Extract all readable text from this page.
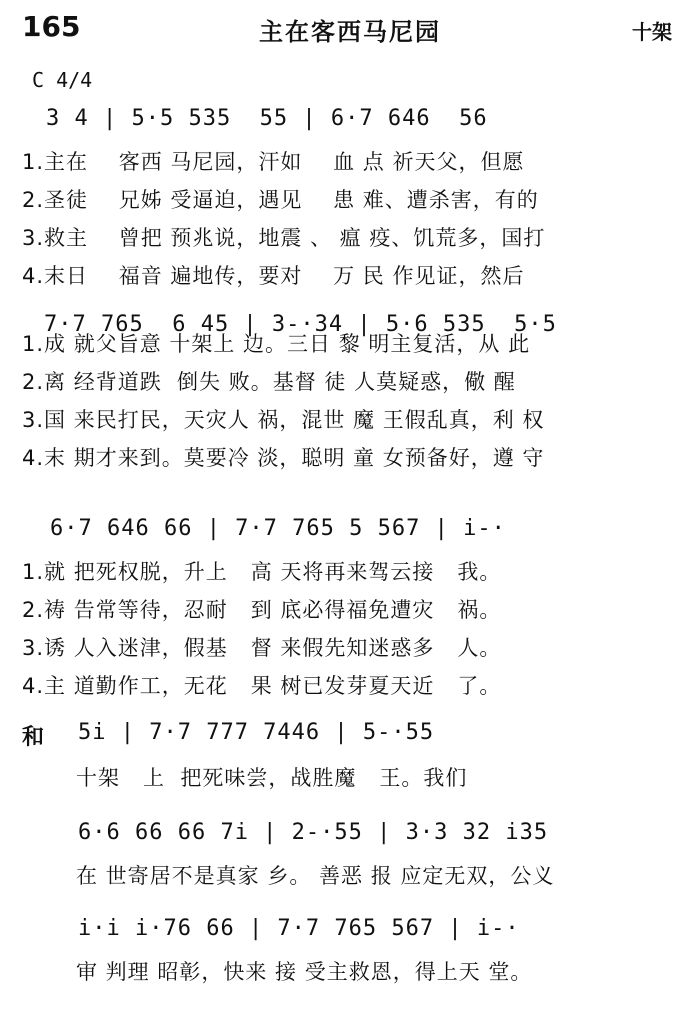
165	主在客西马尼园	十架
C 4/4
3 4 | 5·5 535  55 | 6·7 646  56

1.主在    客西 马尼园，汗如    血 点 祈天父，但愿

2.圣徒    兄姊 受逼迫，遇见    患 难、遭杀害，有的

3.救主    曾把 预兆说，地震 、 瘟 疫、饥荒多，国打

4.末日    福音 遍地传，要对    万 民 作见证，然后

7·7 765  6 45 | 3-·34 | 5·6 535  5·5

1.成 就父旨意 十架上 边。三日 黎 明主复活，从 此

2.离 经背道跌  倒失 败。基督 徒 人莫疑惑，儆 醒

3.国 来民打民，天灾人 祸，混世 魔 王假乱真，利 权

4.末 期才来到。莫要冷 淡，聪明 童 女预备好，遵 守

6·7 646 66 | 7·7 765 5 567 | i-·

1.就 把死权脱，升上   高 天将再来驾云接   我。

2.祷 告常等待，忍耐   到 底必得福免遭灾   祸。

3.诱 人入迷津，假基   督 来假先知迷惑多   人。

4.主 道勤作工，无花   果 树已发芽夏天近   了。

和 5i | 7·7 777 7446 | 5-·55

十架   上  把死味尝，战胜魔   王。我们

6·6 66 66 7i | 2-·55 | 3·3 32 i35

在 世寄居不是真家 乡。 善恶 报 应定无双，公义

i·i i·76 66 | 7·7 765 567 | i-·

审 判理 昭彰，快来 接 受主救恩，得上天 堂。
